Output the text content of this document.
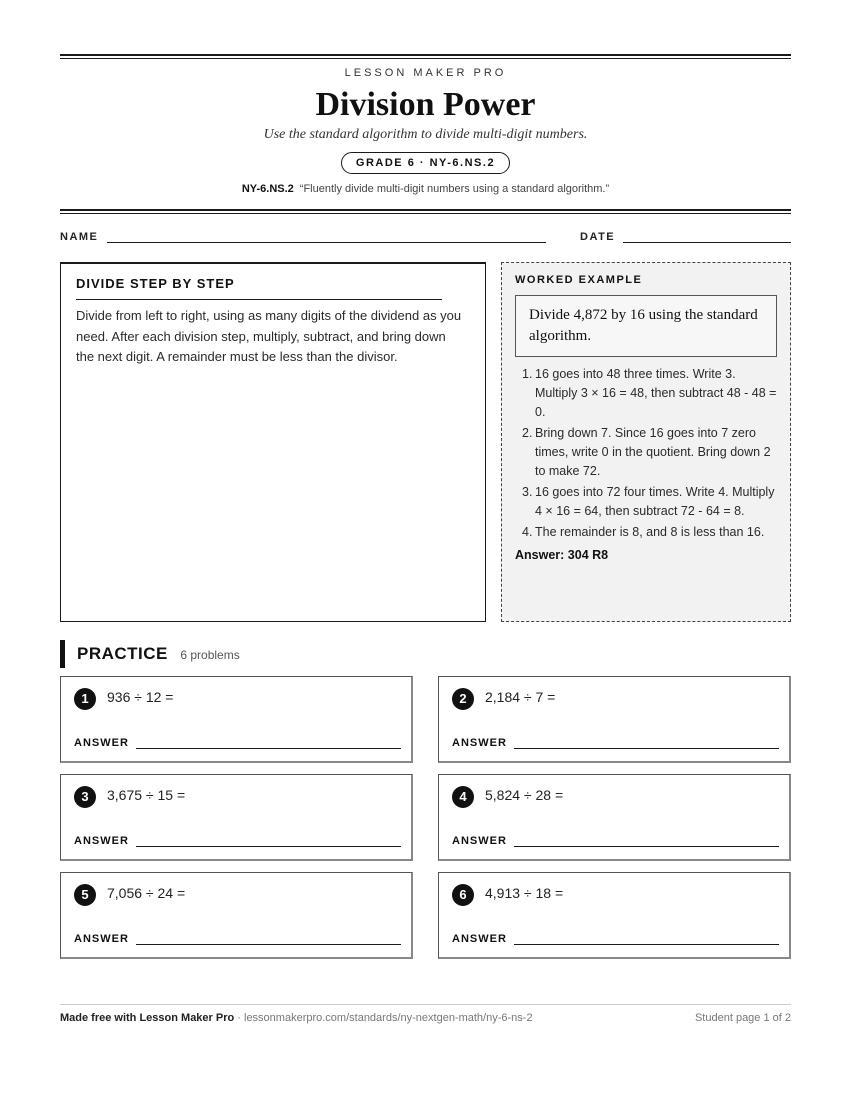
LESSON MAKER PRO
Division Power
Use the standard algorithm to divide multi-digit numbers.
GRADE 6 · NY-6.NS.2
NY-6.NS.2 “Fluently divide multi-digit numbers using a standard algorithm.”
NAME	DATE
DIVIDE STEP BY STEP
Divide from left to right, using as many digits of the dividend as you need. After each division step, multiply, subtract, and bring down the next digit. A remainder must be less than the divisor.
WORKED EXAMPLE
Divide 4,872 by 16 using the standard algorithm.
1. 16 goes into 48 three times. Write 3. Multiply 3 × 16 = 48, then subtract 48 - 48 = 0.
2. Bring down 7. Since 16 goes into 7 zero times, write 0 in the quotient. Bring down 2 to make 72.
3. 16 goes into 72 four times. Write 4. Multiply 4 × 16 = 64, then subtract 72 - 64 = 8.
4. The remainder is 8, and 8 is less than 16.
Answer: 304 R8
PRACTICE 6 problems
1	936 ÷ 12 =
ANSWER
2	2,184 ÷ 7 =
ANSWER
3	3,675 ÷ 15 =
ANSWER
4	5,824 ÷ 28 =
ANSWER
5	7,056 ÷ 24 =
ANSWER
6	4,913 ÷ 18 =
ANSWER
Made free with Lesson Maker Pro · lessonmakerpro.com/standards/ny-nextgen-math/ny-6-ns-2	Student page 1 of 2
